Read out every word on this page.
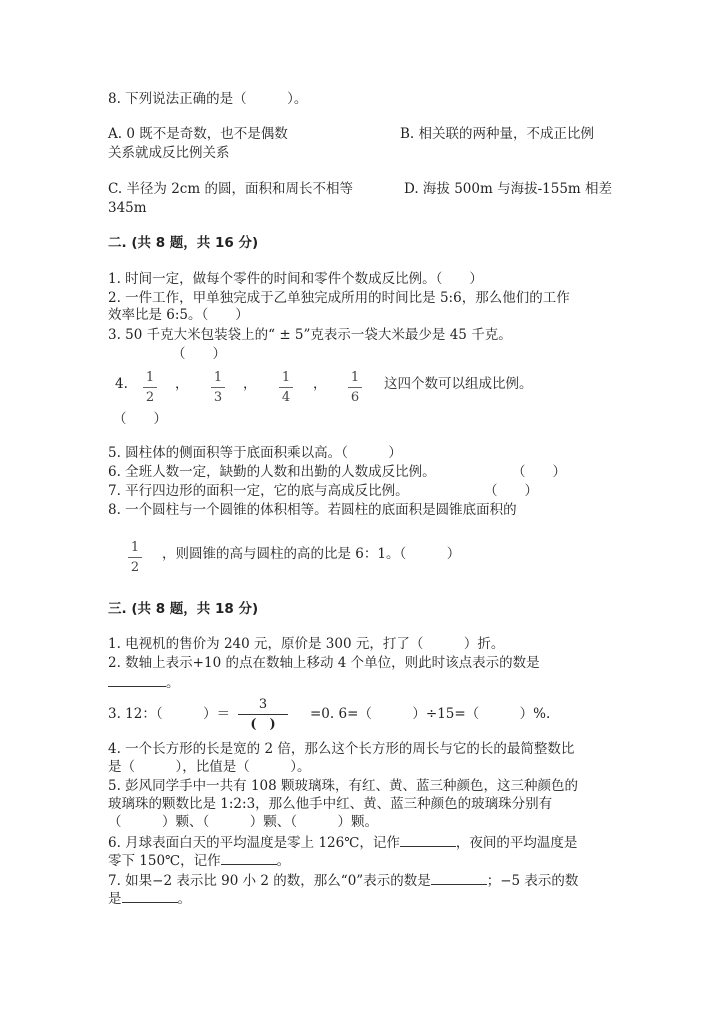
8. 下列说法正确的是（　　　）。
A. 0 既不是奇数，也不是偶数	B. 相关联的两种量，不成正比例
关系就成反比例关系
C. 半径为 2cm 的圆，面积和周长不相等	D. 海拔 500m 与海拔-155m 相差
345m
二. (共 8 题，共 16 分)
1. 时间一定，做每个零件的时间和零件个数成反比例。（　　）
2. 一件工作，甲单独完成于乙单独完成所用的时间比是 5:6，那么他们的工作
效率比是 6:5。（　　）
3. 50 千克大米包装袋上的“ ± 5”克表示一袋大米最少是 45 千克。
（　　）
4. 1
2
， 1
3
， 1
4
， 1
6
这四个数可以组成比例。
（　　）
5. 圆柱体的侧面积等于底面积乘以高。（　　　）
6. 全班人数一定，缺勤的人数和出勤的人数成反比例。	（　　）
7. 平行四边形的面积一定，它的底与高成反比例。	（　　）
8. 一个圆柱与一个圆锥的体积相等。若圆柱的底面积是圆锥底面积的
1
2
，则圆锥的高与圆柱的高的比是 6：1。（　　　）
三. (共 8 题，共 18 分)
1. 电视机的售价为 240 元，原价是 300 元，打了（　　　）折。
2. 数轴上表示+10 的点在数轴上移动 4 个单位，则此时该点表示的数是
。
3. 12：（　　　）＝
3
(　)
=0. 6=（　　　）÷15=（　　　）%.
4. 一个长方形的长是宽的 2 倍，那么这个长方形的周长与它的长的最简整数比
是（　　　），比值是（　　　）。
5. 彭风同学手中一共有 108 颗玻璃珠，有红、黄、蓝三种颜色，这三种颜色的
玻璃珠的颗数比是 1:2:3，那么他手中红、黄、蓝三种颜色的玻璃珠分别有
（　　　）颗、（　　　）颗、（　　　）颗。
6. 月球表面白天的平均温度是零上 126℃，记作	，夜间的平均温度是
零下 150℃，记作	。
7. 如果−2 表示比 90 小 2 的数，那么“0”表示的数是	；−5 表示的数
是	。
